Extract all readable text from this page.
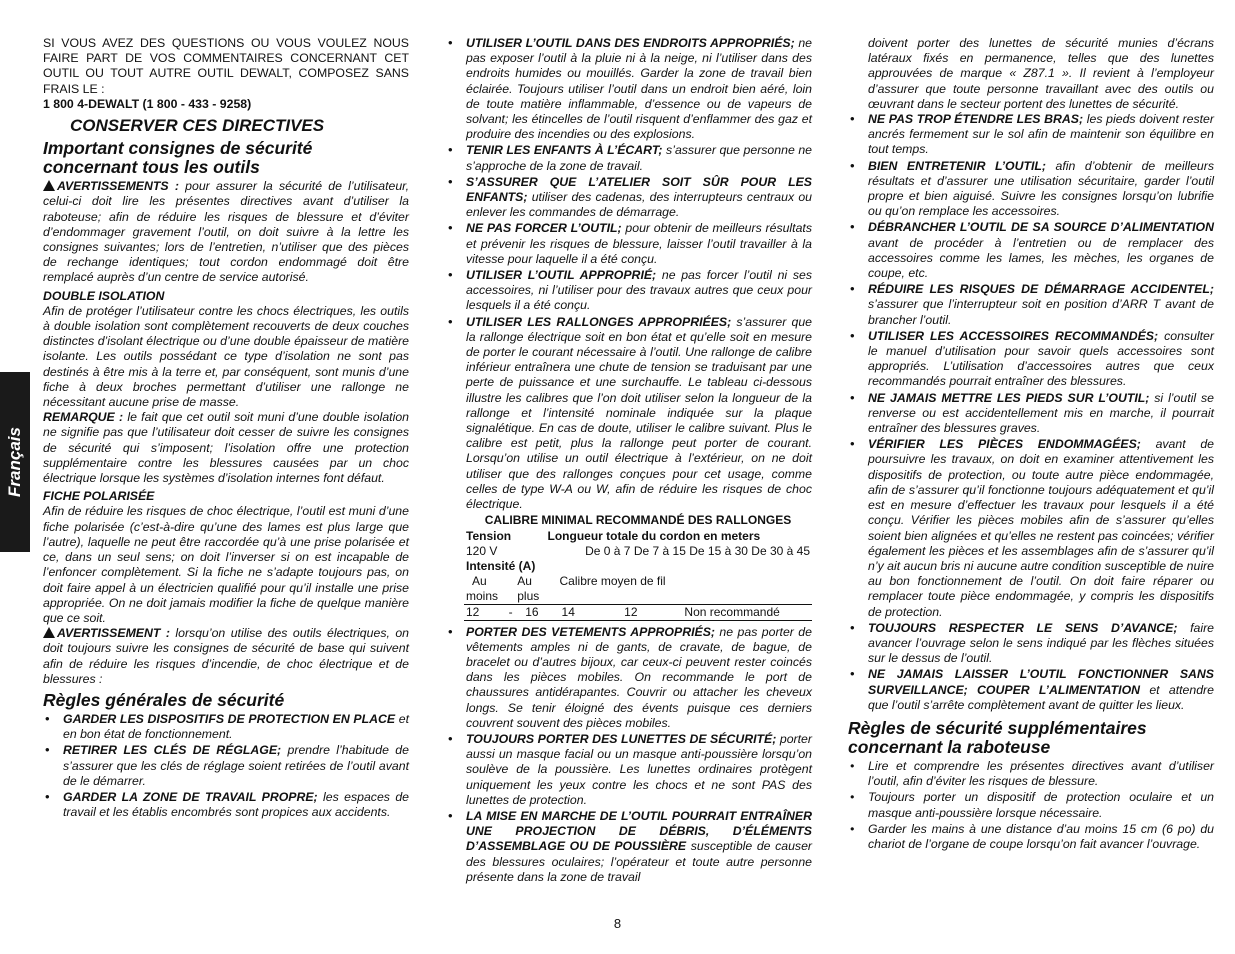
Français

SI VOUS AVEZ DES QUESTIONS OU VOUS VOULEZ NOUS FAIRE PART DE VOS COMMENTAIRES CONCERNANT CET OUTIL OU TOUT AUTRE OUTIL DEWALT, COMPOSEZ SANS FRAIS LE :

1 800 4-DEWALT (1 800 - 433 - 9258)

CONSERVER CES DIRECTIVES
Important consignes de sécurité concernant tous les outils

AVERTISSEMENTS : pour assurer la sécurité de l’utilisateur, celui-ci doit lire les présentes directives avant d’utiliser la raboteuse; afin de réduire les risques de blessure et d’éviter d’endommager gravement l’outil, on doit suivre à la lettre les consignes suivantes; lors de l’entretien, n’utiliser que des pièces de rechange identiques; tout cordon endommagé doit être remplacé auprès d’un centre de service autorisé.

DOUBLE ISOLATION

Afin de protéger l’utilisateur contre les chocs électriques, les outils à double isolation sont complètement recouverts de deux couches distinctes d’isolant électrique ou d’une double épaisseur de matière isolante. Les outils possédant ce type d’isolation ne sont pas destinés à être mis à la terre et, par conséquent, sont munis d’une fiche à deux broches permettant d’utiliser une rallonge ne nécessitant aucune prise de masse.

REMARQUE : le fait que cet outil soit muni d’une double isolation ne signifie pas que l’utilisateur doit cesser de suivre les consignes de sécurité qui s’imposent; l’isolation offre une protection supplémentaire contre les blessures causées par un choc électrique lorsque les systèmes d’isolation internes font défaut.

FICHE POLARISÉE

Afin de réduire les risques de choc électrique, l’outil est muni d’une fiche polarisée (c’est-à-dire qu’une des lames est plus large que l’autre), laquelle ne peut être raccordée qu’à une prise polarisée et ce, dans un seul sens; on doit l’inverser si on est incapable de l’enfoncer complètement. Si la fiche ne s’adapte toujours pas, on doit faire appel à un électricien qualifié pour qu’il installe une prise appropriée. On ne doit jamais modifier la fiche de quelque manière que ce soit.

AVERTISSEMENT : lorsqu’on utilise des outils électriques, on doit toujours suivre les consignes de sécurité de base qui suivent afin de réduire les risques d’incendie, de choc électrique et de blessures :

Règles générales de sécurité
• GARDER LES DISPOSITIFS DE PROTECTION EN PLACE et en bon état de fonctionnement.
• RETIRER LES CLÉS DE RÉGLAGE; prendre l’habitude de s’assurer que les clés de réglage soient retirées de l’outil avant de le démarrer.
• GARDER LA ZONE DE TRAVAIL PROPRE; les espaces de travail et les établis encombrés sont propices aux accidents.
• UTILISER L’OUTIL DANS DES ENDROITS APPROPRIÉS; ne pas exposer l’outil à la pluie ni à la neige, ni l’utiliser dans des endroits humides ou mouillés. Garder la zone de travail bien éclairée. Toujours utiliser l’outil dans un endroit bien aéré, loin de toute matière inflammable, d’essence ou de vapeurs de solvant; les étincelles de l’outil risquent d’enflammer des gaz et produire des incendies ou des explosions.
• TENIR LES ENFANTS À L’ÉCART; s’assurer que personne ne s’approche de la zone de travail.
• S’ASSURER QUE L’ATELIER SOIT SÛR POUR LES ENFANTS; utiliser des cadenas, des interrupteurs centraux ou enlever les commandes de démarrage.
• NE PAS FORCER L’OUTIL; pour obtenir de meilleurs résultats et prévenir les risques de blessure, laisser l’outil travailler à la vitesse pour laquelle il a été conçu.
• UTILISER L’OUTIL APPROPRIÉ; ne pas forcer l’outil ni ses accessoires, ni l’utiliser pour des travaux autres que ceux pour lesquels il a été conçu.
• UTILISER LES RALLONGES APPROPRIÉES; s’assurer que la rallonge électrique soit en bon état et qu’elle soit en mesure de porter le courant nécessaire à l’outil. Une rallonge de calibre inférieur entraînera une chute de tension se traduisant par une perte de puissance et une surchauffe. Le tableau ci-dessous illustre les calibres que l’on doit utiliser selon la longueur de la rallonge et l’intensité nominale indiquée sur la plaque signalétique. En cas de doute, utiliser le calibre suivant. Plus le calibre est petit, plus la rallonge peut porter de courant. Lorsqu’on utilise un outil électrique à l’extérieur, on ne doit utiliser que des rallonges conçues pour cet usage, comme celles de type W-A ou W, afin de réduire les risques de choc électrique.
CALIBRE MINIMAL RECOMMANDÉ DES RALLONGES
Tension			Longueur totale du cordon en meters		
120 V			De 0 à 7 De 7 à 15 De 15 à 30 De 30 à 45		
Intensité (A)					
Au		Au	Calibre moyen de fil		
moins		plus			
12	-	16	14	12	Non recommandé
• PORTER DES VETEMENTS APPROPRIÉS; ne pas porter de vêtements amples ni de gants, de cravate, de bague, de bracelet ou d’autres bijoux, car ceux-ci peuvent rester coincés dans les pièces mobiles. On recommande le port de chaussures antidérapantes. Couvrir ou attacher les cheveux longs. Se tenir éloigné des évents puisque ces derniers couvrent souvent des pièces mobiles.
• TOUJOURS PORTER DES LUNETTES DE SÉCURITÉ; porter aussi un masque facial ou un masque anti-poussière lorsqu’on soulève de la poussière. Les lunettes ordinaires protègent uniquement les yeux contre les chocs et ne sont PAS des lunettes de protection.
• LA MISE EN MARCHE DE L’OUTIL POURRAIT ENTRAÎNER UNE PROJECTION DE DÉBRIS, D’ÉLÉMENTS D’ASSEMBLAGE OU DE POUSSIÈRE susceptible de causer des blessures oculaires; l’opérateur et toute autre personne présente dans la zone de travail

doivent porter des lunettes de sécurité munies d’écrans latéraux fixés en permanence, telles que des lunettes approuvées de marque « Z87.1 ». Il revient à l’employeur d’assurer que toute personne travaillant avec des outils ou œuvrant dans le secteur portent des lunettes de sécurité.

• NE PAS TROP ÉTENDRE LES BRAS; les pieds doivent rester ancrés fermement sur le sol afin de maintenir son équilibre en tout temps.
• BIEN ENTRETENIR L’OUTIL; afin d’obtenir de meilleurs résultats et d’assurer une utilisation sécuritaire, garder l’outil propre et bien aiguisé. Suivre les consignes lorsqu’on lubrifie ou qu’on remplace les accessoires.
• DÉBRANCHER L’OUTIL DE SA SOURCE D’ALIMENTATION avant de procéder à l’entretien ou de remplacer des accessoires comme les lames, les mèches, les organes de coupe, etc.
• RÉDUIRE LES RISQUES DE DÉMARRAGE ACCIDENTEL; s’assurer que l’interrupteur soit en position d’ARR T avant de brancher l’outil.
• UTILISER LES ACCESSOIRES RECOMMANDÉS; consulter le manuel d’utilisation pour savoir quels accessoires sont appropriés. L’utilisation d’accessoires autres que ceux recommandés pourrait entraîner des blessures.
• NE JAMAIS METTRE LES PIEDS SUR L’OUTIL; si l’outil se renverse ou est accidentellement mis en marche, il pourrait entraîner des blessures graves.
• VÉRIFIER LES PIÈCES ENDOMMAGÉES; avant de poursuivre les travaux, on doit en examiner attentivement les dispositifs de protection, ou toute autre pièce endommagée, afin de s’assurer qu’il fonctionne toujours adéquatement et qu’il est en mesure d’effectuer les travaux pour lesquels il a été conçu. Vérifier les pièces mobiles afin de s’assurer qu’elles soient bien alignées et qu’elles ne restent pas coincées; vérifier également les pièces et les assemblages afin de s’assurer qu’il n’y ait aucun bris ni aucune autre condition susceptible de nuire au bon fonctionnement de l’outil. On doit faire réparer ou remplacer toute pièce endommagée, y compris les dispositifs de protection.
• TOUJOURS RESPECTER LE SENS D’AVANCE; faire avancer l’ouvrage selon le sens indiqué par les flèches situées sur le dessus de l’outil.
• NE JAMAIS LAISSER L’OUTIL FONCTIONNER SANS SURVEILLANCE; COUPER L’ALIMENTATION et attendre que l’outil s’arrête complètement avant de quitter les lieux.
Règles de sécurité supplémentaires concernant la raboteuse
• Lire et comprendre les présentes directives avant d’utiliser l’outil, afin d’éviter les risques de blessure.
• Toujours porter un dispositif de protection oculaire et un masque anti-poussière lorsque nécessaire.
• Garder les mains à une distance d’au moins 15 cm (6 po) du chariot de l’organe de coupe lorsqu’on fait avancer l’ouvrage.
8
